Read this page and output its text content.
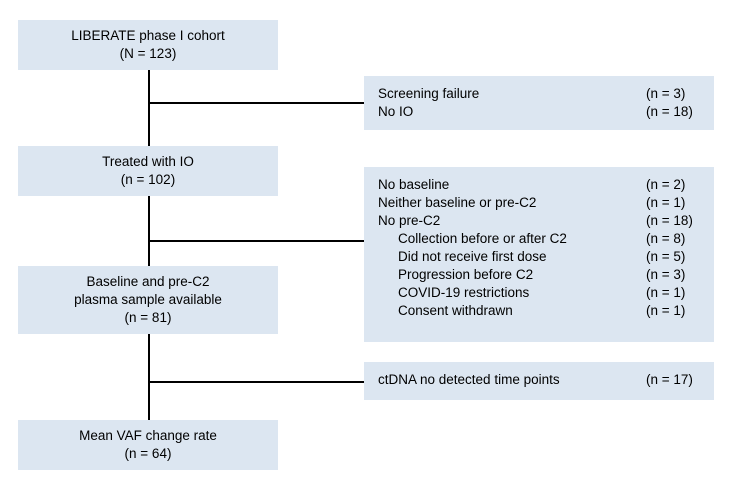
LIBERATE phase I cohort
(N = 123)
Treated with IO
(n = 102)
Baseline and pre-C2
plasma sample available
(n = 81)
Mean VAF change rate
(n = 64)
Screening failure	(n = 3)
No IO	(n = 18)
No baseline	(n = 2)
Neither baseline or pre-C2	(n = 1)
No pre-C2	(n = 18)
Collection before or after C2	(n = 8)
Did not receive first dose	(n = 5)
Progression before C2	(n = 3)
COVID-19 restrictions	(n = 1)
Consent withdrawn	(n = 1)
ctDNA no detected time points	(n = 17)
